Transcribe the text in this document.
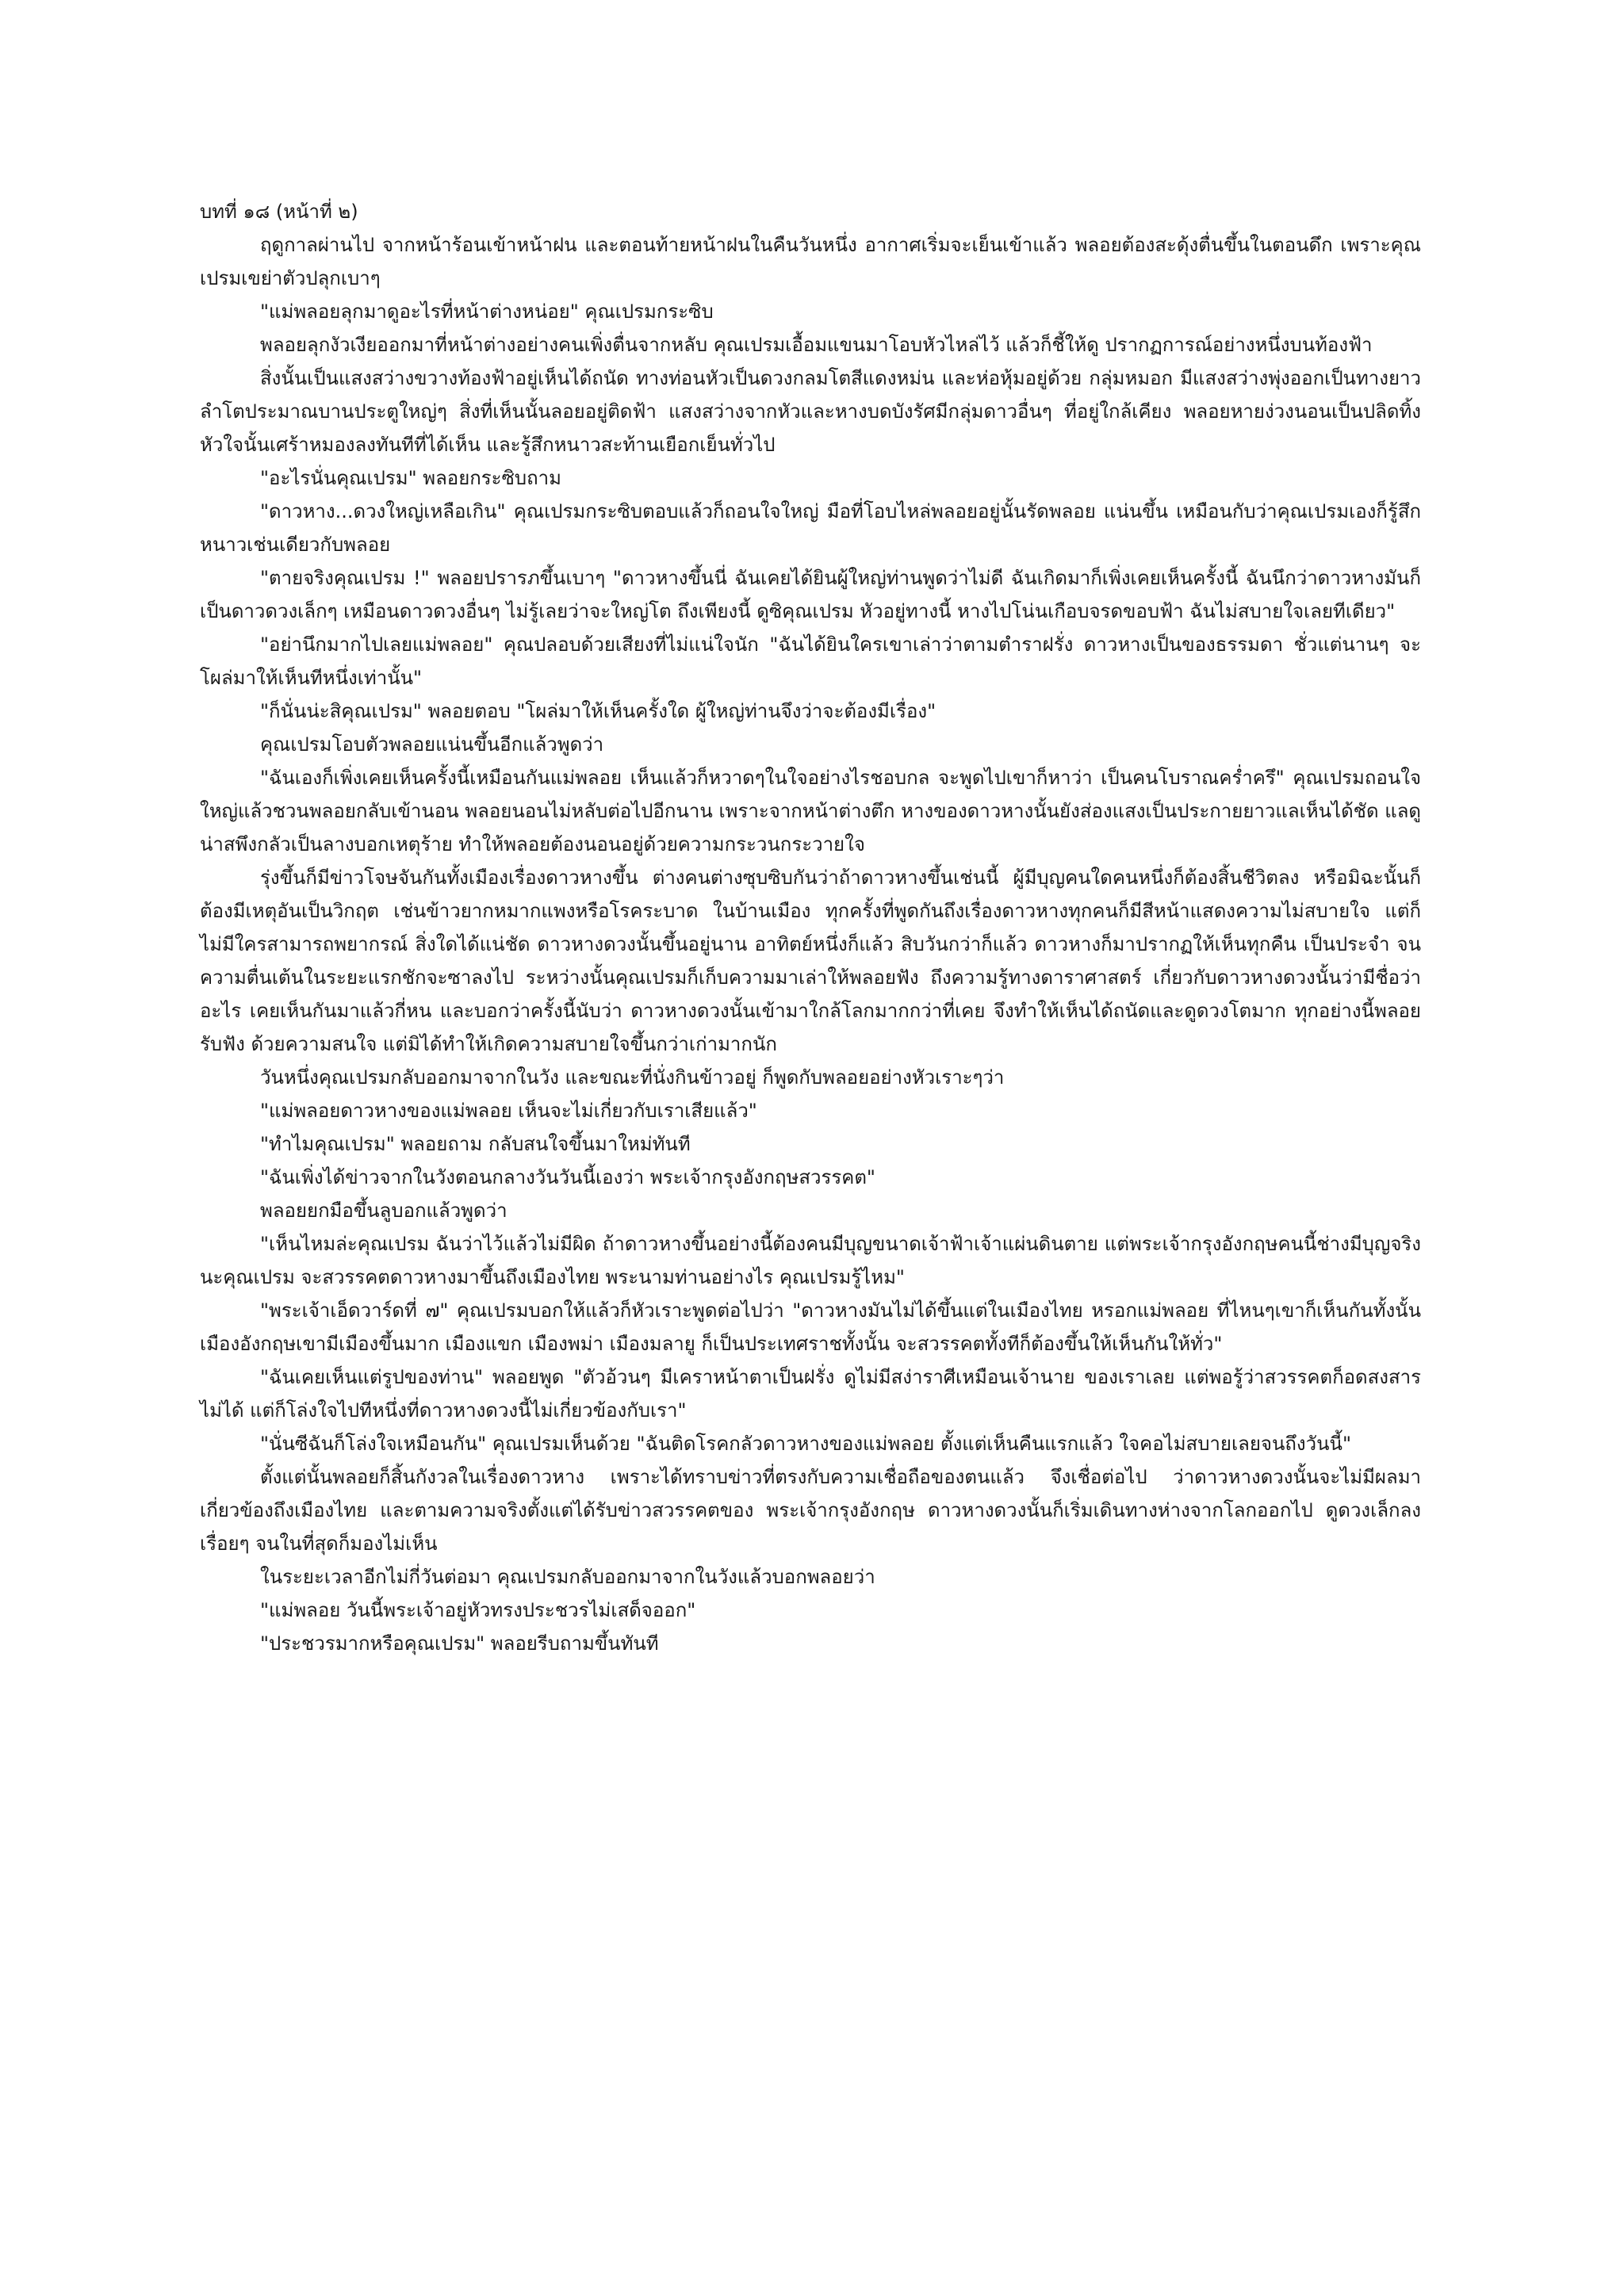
บทที่ ๑๘ (หน้าที่ ๒)

ฤดูกาลผ่านไป จากหน้าร้อนเข้าหน้าฝน และตอนท้ายหน้าฝนในคืนวันหนึ่ง อากาศเริ่มจะเย็นเข้าแล้ว พลอยต้องสะดุ้งตื่นขึ้นในตอนดึก เพราะคุณเปรมเขย่าตัวปลุกเบาๆ

"แม่พลอยลุกมาดูอะไรที่หน้าต่างหน่อย" คุณเปรมกระซิบ

พลอยลุกงัวเงียออกมาที่หน้าต่างอย่างคนเพิ่งตื่นจากหลับ คุณเปรมเอื้อมแขนมาโอบหัวไหล่ไว้ แล้วก็ชี้ให้ดู ปรากฏการณ์อย่างหนึ่งบนท้องฟ้า

สิ่งนั้นเป็นแสงสว่างขวางท้องฟ้าอยู่เห็นได้ถนัด ทางท่อนหัวเป็นดวงกลมโตสีแดงหม่น และห่อหุ้มอยู่ด้วย กลุ่มหมอก มีแสงสว่างพุ่งออกเป็นทางยาว ลำโตประมาณบานประตูใหญ่ๆ สิ่งที่เห็นนั้นลอยอยู่ติดฟ้า แสงสว่างจากหัวและหางบดบังรัศมีกลุ่มดาวอื่นๆ ที่อยู่ใกล้เคียง พลอยหายง่วงนอนเป็นปลิดทิ้ง หัวใจนั้นเศร้าหมองลงทันทีที่ได้เห็น และรู้สึกหนาวสะท้านเยือกเย็นทั่วไป

"อะไรนั่นคุณเปรม" พลอยกระซิบถาม

"ดาวหาง...ดวงใหญ่เหลือเกิน" คุณเปรมกระซิบตอบแล้วก็ถอนใจใหญ่ มือที่โอบไหล่พลอยอยู่นั้นรัดพลอย แน่นขึ้น เหมือนกับว่าคุณเปรมเองก็รู้สึกหนาวเช่นเดียวกับพลอย

"ตายจริงคุณเปรม !" พลอยปรารภขึ้นเบาๆ "ดาวหางขึ้นนี่ ฉันเคยได้ยินผู้ใหญ่ท่านพูดว่าไม่ดี ฉันเกิดมาก็เพิ่งเคยเห็นครั้งนี้ ฉันนึกว่าดาวหางมันก็เป็นดาวดวงเล็กๆ เหมือนดาวดวงอื่นๆ ไม่รู้เลยว่าจะใหญ่โต ถึงเพียงนี้ ดูซิคุณเปรม หัวอยู่ทางนี้ หางไปโน่นเกือบจรดขอบฟ้า ฉันไม่สบายใจเลยทีเดียว"

"อย่านึกมากไปเลยแม่พลอย" คุณปลอบด้วยเสียงที่ไม่แน่ใจนัก "ฉันได้ยินใครเขาเล่าว่าตามตำราฝรั่ง ดาวหางเป็นของธรรมดา ชั่วแต่นานๆ จะโผล่มาให้เห็นทีหนึ่งเท่านั้น"

"ก็นั่นน่ะสิคุณเปรม" พลอยตอบ "โผล่มาให้เห็นครั้งใด ผู้ใหญ่ท่านจึงว่าจะต้องมีเรื่อง"

คุณเปรมโอบตัวพลอยแน่นขึ้นอีกแล้วพูดว่า

"ฉันเองก็เพิ่งเคยเห็นครั้งนี้เหมือนกันแม่พลอย เห็นแล้วก็หวาดๆในใจอย่างไรชอบกล จะพูดไปเขาก็หาว่า เป็นคนโบราณคร่ำครึ" คุณเปรมถอนใจใหญ่แล้วชวนพลอยกลับเข้านอน พลอยนอนไม่หลับต่อไปอีกนาน เพราะจากหน้าต่างตึก หางของดาวหางนั้นยังส่องแสงเป็นประกายยาวแลเห็นได้ชัด แลดูน่าสพึงกลัวเป็นลางบอกเหตุร้าย ทำให้พลอยต้องนอนอยู่ด้วยความกระวนกระวายใจ

รุ่งขึ้นก็มีข่าวโจษจันกันทั้งเมืองเรื่องดาวหางขึ้น ต่างคนต่างซุบซิบกันว่าถ้าดาวหางขึ้นเช่นนี้ ผู้มีบุญคนใดคนหนึ่งก็ต้องสิ้นชีวิตลง หรือมิฉะนั้นก็ต้องมีเหตุอันเป็นวิกฤต เช่นข้าวยากหมากแพงหรือโรคระบาด ในบ้านเมือง ทุกครั้งที่พูดกันถึงเรื่องดาวหางทุกคนก็มีสีหน้าแสดงความไม่สบายใจ แต่ก็ไม่มีใครสามารถพยากรณ์ สิ่งใดได้แน่ชัด ดาวหางดวงนั้นขึ้นอยู่นาน อาทิตย์หนึ่งก็แล้ว สิบวันกว่าก็แล้ว ดาวหางก็มาปรากฏให้เห็นทุกคืน เป็นประจำ จนความตื่นเต้นในระยะแรกชักจะซาลงไป ระหว่างนั้นคุณเปรมก็เก็บความมาเล่าให้พลอยฟัง ถึงความรู้ทางดาราศาสตร์ เกี่ยวกับดาวหางดวงนั้นว่ามีชื่อว่าอะไร เคยเห็นกันมาแล้วกี่หน และบอกว่าครั้งนี้นับว่า ดาวหางดวงนั้นเข้ามาใกล้โลกมากกว่าที่เคย จึงทำให้เห็นได้ถนัดและดูดวงโตมาก ทุกอย่างนี้พลอยรับฟัง ด้วยความสนใจ แต่มิได้ทำให้เกิดความสบายใจขึ้นกว่าเก่ามากนัก

วันหนึ่งคุณเปรมกลับออกมาจากในวัง และขณะที่นั่งกินข้าวอยู่ ก็พูดกับพลอยอย่างหัวเราะๆว่า

"แม่พลอยดาวหางของแม่พลอย เห็นจะไม่เกี่ยวกับเราเสียแล้ว"

"ทำไมคุณเปรม" พลอยถาม กลับสนใจขึ้นมาใหม่ทันที

"ฉันเพิ่งได้ข่าวจากในวังตอนกลางวันวันนี้เองว่า พระเจ้ากรุงอังกฤษสวรรคต"

พลอยยกมือขึ้นลูบอกแล้วพูดว่า

"เห็นไหมล่ะคุณเปรม ฉันว่าไว้แล้วไม่มีผิด ถ้าดาวหางขึ้นอย่างนี้ต้องคนมีบุญขนาดเจ้าฟ้าเจ้าแผ่นดินตาย แต่พระเจ้ากรุงอังกฤษคนนี้ช่างมีบุญจริงนะคุณเปรม จะสวรรคตดาวหางมาขึ้นถึงเมืองไทย พระนามท่านอย่างไร คุณเปรมรู้ไหม"

"พระเจ้าเอ็ดวาร์ดที่ ๗" คุณเปรมบอกให้แล้วก็หัวเราะพูดต่อไปว่า "ดาวหางมันไม่ได้ขึ้นแต่ในเมืองไทย หรอกแม่พลอย ที่ไหนๆเขาก็เห็นกันทั้งนั้น เมืองอังกฤษเขามีเมืองขึ้นมาก เมืองแขก เมืองพม่า เมืองมลายู ก็เป็นประเทศราชทั้งนั้น จะสวรรคตทั้งทีก็ต้องขึ้นให้เห็นกันให้ทั่ว"

"ฉันเคยเห็นแต่รูปของท่าน" พลอยพูด "ตัวอ้วนๆ มีเคราหน้าตาเป็นฝรั่ง ดูไม่มีสง่าราศีเหมือนเจ้านาย ของเราเลย แต่พอรู้ว่าสวรรคตก็อดสงสารไม่ได้ แต่ก็โล่งใจไปทีหนึ่งที่ดาวหางดวงนี้ไม่เกี่ยวข้องกับเรา"

"นั่นซีฉันก็โล่งใจเหมือนกัน" คุณเปรมเห็นด้วย "ฉันติดโรคกลัวดาวหางของแม่พลอย ตั้งแต่เห็นคืนแรกแล้ว ใจคอไม่สบายเลยจนถึงวันนี้"

ตั้งแต่นั้นพลอยก็สิ้นกังวลในเรื่องดาวหาง เพราะได้ทราบข่าวที่ตรงกับความเชื่อถือของตนแล้ว จึงเชื่อต่อไป ว่าดาวหางดวงนั้นจะไม่มีผลมาเกี่ยวข้องถึงเมืองไทย และตามความจริงตั้งแต่ได้รับข่าวสวรรคตของ พระเจ้ากรุงอังกฤษ ดาวหางดวงนั้นก็เริ่มเดินทางห่างจากโลกออกไป ดูดวงเล็กลงเรื่อยๆ จนในที่สุดก็มองไม่เห็น

ในระยะเวลาอีกไม่กี่วันต่อมา คุณเปรมกลับออกมาจากในวังแล้วบอกพลอยว่า

"แม่พลอย วันนี้พระเจ้าอยู่หัวทรงประชวรไม่เสด็จออก"

"ประชวรมากหรือคุณเปรม" พลอยรีบถามขึ้นทันที
